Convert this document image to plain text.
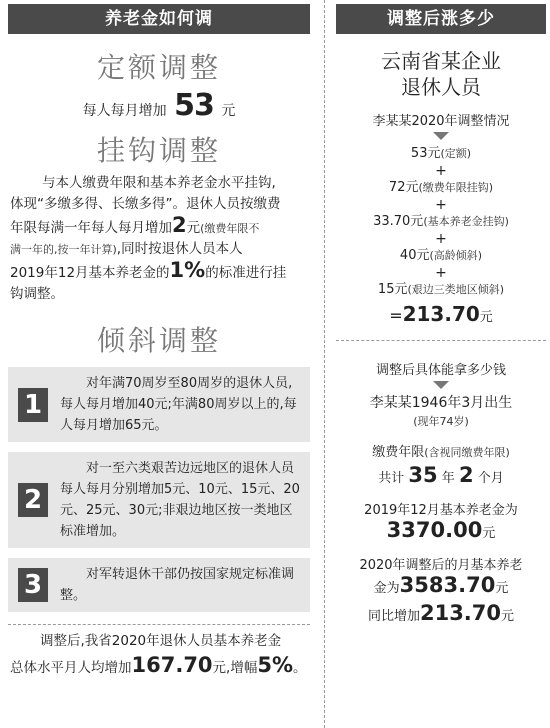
养老金如何调
定额调整
每人每月增加 53 元
挂钩调整
与本人缴费年限和基本养老金水平挂钩,
体现“多缴多得、长缴多得”。退休人员按缴费
年限每满一年每人每月增加2元(缴费年限不
满一年的,按一年计算),同时按退休人员本人
2019年12月基本养老金的1%的标准进行挂
钩调整。
倾斜调整
1
对年满70周岁至80周岁的退休人员,每人每月增加40元;年满80周岁以上的,每人每月增加65元。
2
对一至六类艰苦边远地区的退休人员每人每月分别增加5元、10元、15元、20元、25元、30元;非艰边地区按一类地区标准增加。
3	对军转退休干部仍按国家规定标准调整。
调整后,我省2020年退休人员基本养老金
总体水平月人均增加167.70元,增幅5%。
调整后涨多少
云南省某企业
退休人员
李某某2020年调整情况
53元(定额)
+
72元(缴费年限挂钩)
+
33.70元(基本养老金挂钩)
+
40元(高龄倾斜)
+
15元(艰边三类地区倾斜)
=213.70元
调整后具体能拿多少钱
李某某1946年3月出生
(现年74岁)
缴费年限(含视同缴费年限)
共计 35 年 2 个月
2019年12月基本养老金为
3370.00元
2020年调整后的月基本养老
金为3583.70元
同比增加213.70元
